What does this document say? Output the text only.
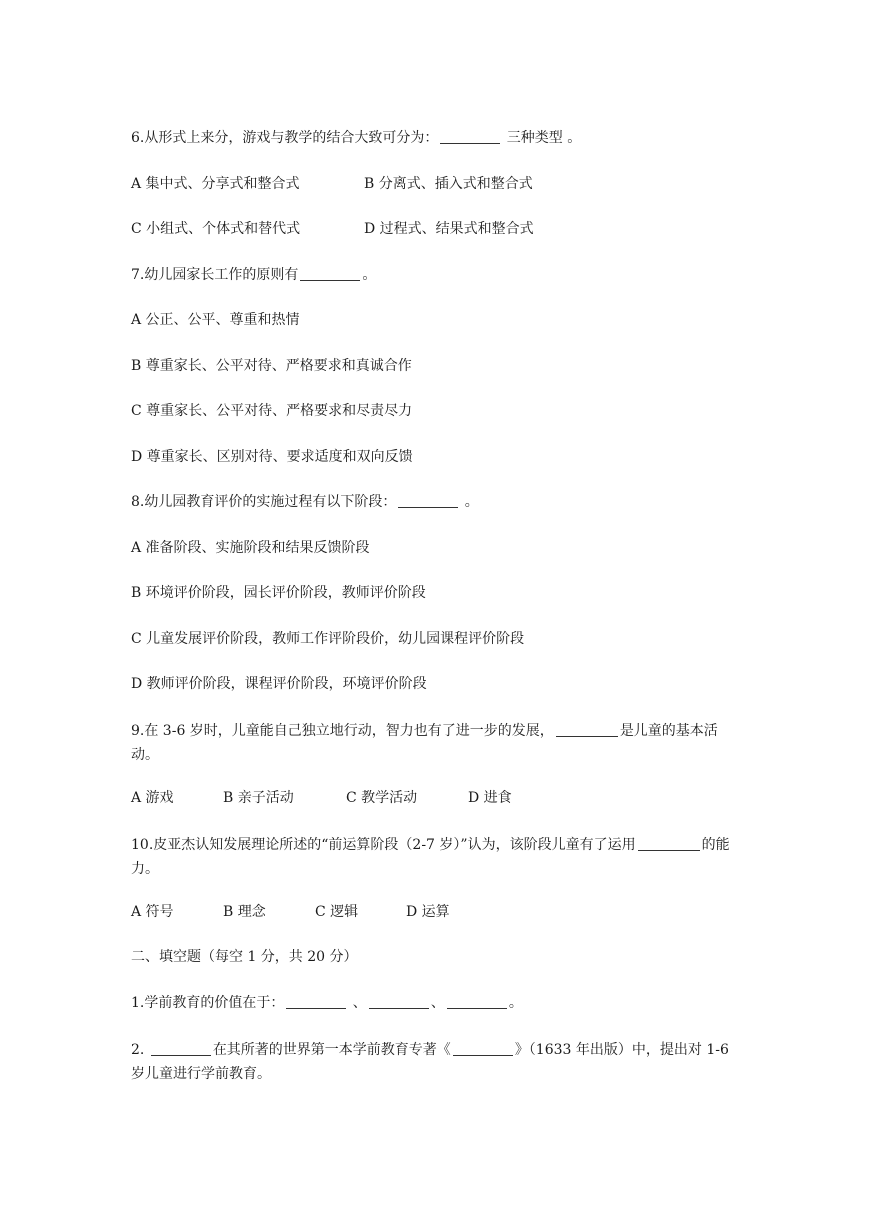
6.从形式上来分，游戏与教学的结合大致可分为：	三种类型 。
A 集中式、分享式和整合式	B 分离式、插入式和整合式
C 小组式、个体式和替代式	D 过程式、结果式和整合式
7.幼儿园家长工作的原则有	。
A 公正、公平、尊重和热情
B 尊重家长、公平对待、严格要求和真诚合作
C 尊重家长、公平对待、严格要求和尽责尽力
D 尊重家长、区别对待、要求适度和双向反馈
8.幼儿园教育评价的实施过程有以下阶段：	。
A 准备阶段、实施阶段和结果反馈阶段
B 环境评价阶段，园长评价阶段，教师评价阶段
C 儿童发展评价阶段，教师工作评阶段价，幼儿园课程评价阶段
D 教师评价阶段，课程评价阶段，环境评价阶段
9.在 3-6 岁时，儿童能自己独立地行动，智力也有了进一步的发展，	是儿童的基本活动。
A 游戏	B 亲子活动	C 教学活动	D 进食
10.皮亚杰认知发展理论所述的“前运算阶段（2-7 岁）”认为，该阶段儿童有了运用	的能力。
A 符号	B 理念	C 逻辑	D 运算
二、填空题（每空 1 分，共 20 分）
1.学前教育的价值在于：	、	、	。
2.	在其所著的世界第一本学前教育专著《	》（1633 年出版）中，提出对 1-6 岁儿童进行学前教育。
